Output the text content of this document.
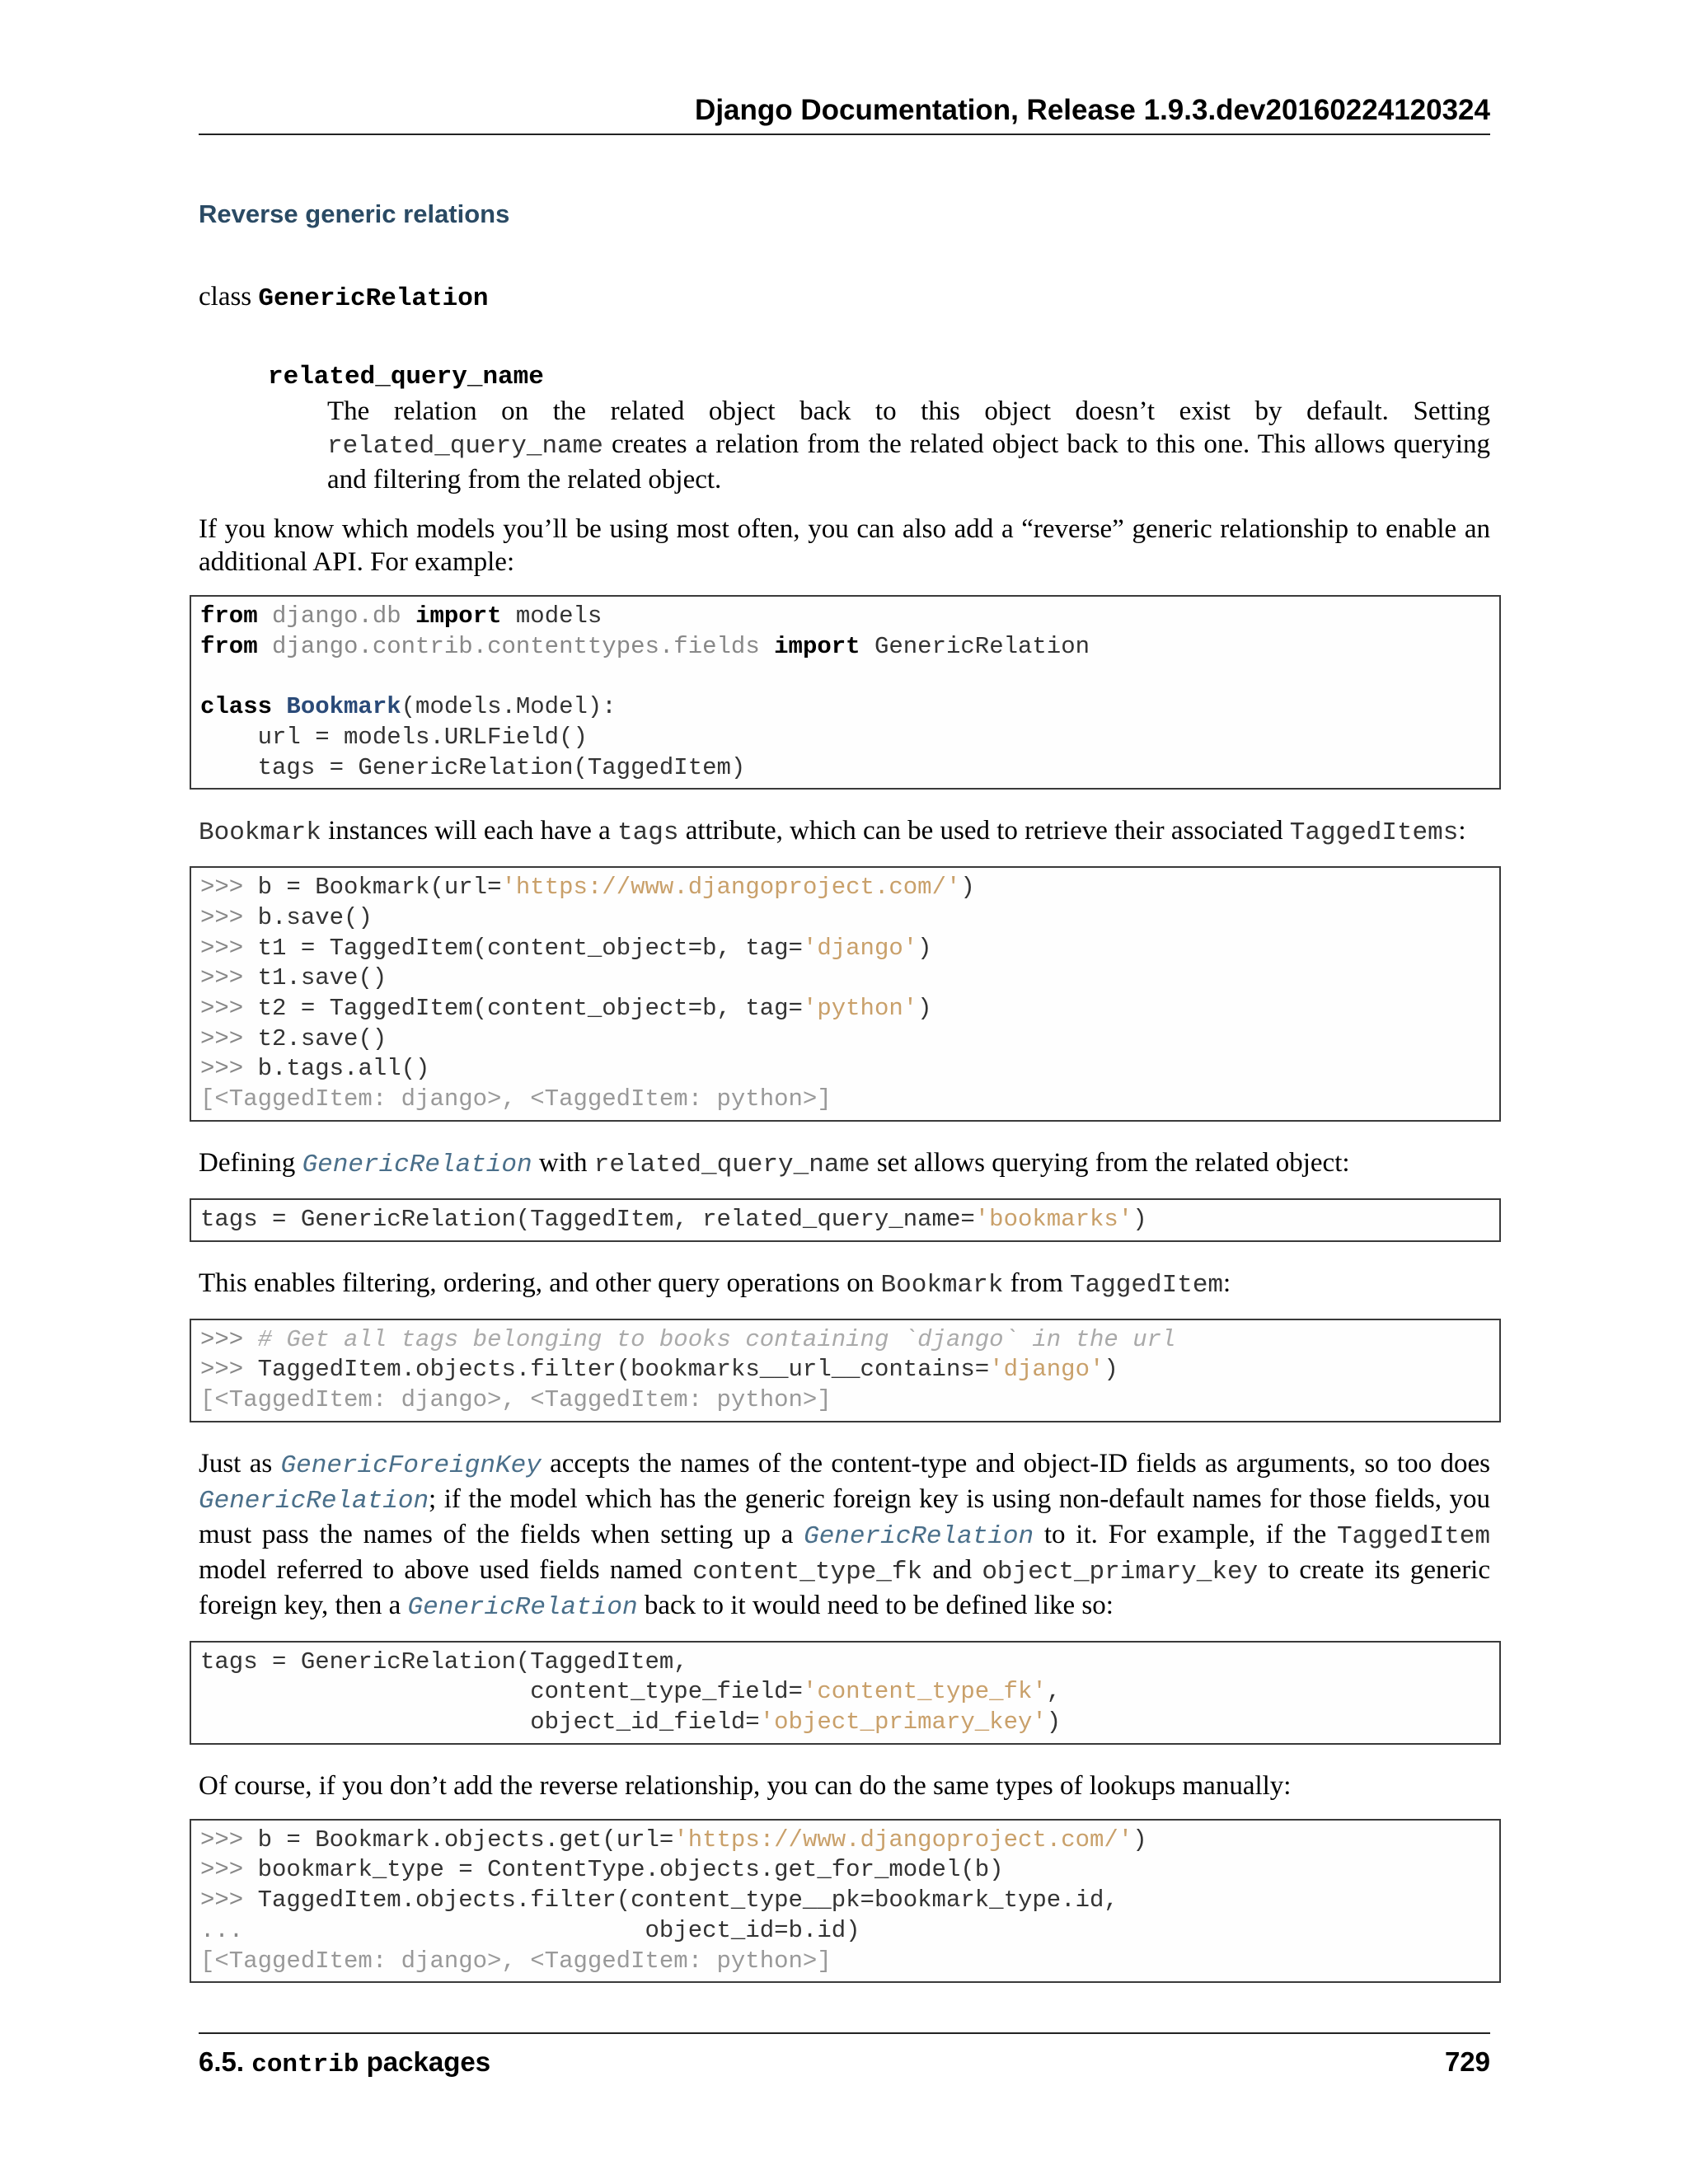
Django Documentation, Release 1.9.3.dev20160224120324
Reverse generic relations
class GenericRelation
related_query_name
The relation on the related object back to this object doesn’t exist by default. Setting related_query_name creates a relation from the related object back to this one. This allows querying and filtering from the related object.

If you know which models you’ll be using most often, you can also add a “reverse” generic relationship to enable an additional API. For example:

from django.db import models
from django.contrib.contenttypes.fields import GenericRelation

class Bookmark(models.Model):
url = models.URLField()
tags = GenericRelation(TaggedItem)

Bookmark instances will each have a tags attribute, which can be used to retrieve their associated TaggedItems:

>>> b = Bookmark(url='https://www.djangoproject.com/')
>>> b.save()
>>> t1 = TaggedItem(content_object=b, tag='django')
>>> t1.save()
>>> t2 = TaggedItem(content_object=b, tag='python')
>>> t2.save()
>>> b.tags.all()
[<TaggedItem: django>, <TaggedItem: python>]

Defining GenericRelation with related_query_name set allows querying from the related object:

tags = GenericRelation(TaggedItem, related_query_name='bookmarks')

This enables filtering, ordering, and other query operations on Bookmark from TaggedItem:

>>> # Get all tags belonging to books containing `django` in the url
>>> TaggedItem.objects.filter(bookmarks__url__contains='django')
[<TaggedItem: django>, <TaggedItem: python>]

Just as GenericForeignKey accepts the names of the content-type and object-ID fields as arguments, so too does GenericRelation; if the model which has the generic foreign key is using non-default names for those fields, you must pass the names of the fields when setting up a GenericRelation to it. For example, if the TaggedItem model referred to above used fields named content_type_fk and object_primary_key to create its generic foreign key, then a GenericRelation back to it would need to be defined like so:

tags = GenericRelation(TaggedItem,
content_type_field='content_type_fk',
object_id_field='object_primary_key')

Of course, if you don’t add the reverse relationship, you can do the same types of lookups manually:

>>> b = Bookmark.objects.get(url='https://www.djangoproject.com/')
>>> bookmark_type = ContentType.objects.get_for_model(b)
>>> TaggedItem.objects.filter(content_type__pk=bookmark_type.id,
...                            object_id=b.id)
[<TaggedItem: django>, <TaggedItem: python>]
6.5. contrib packages	729
